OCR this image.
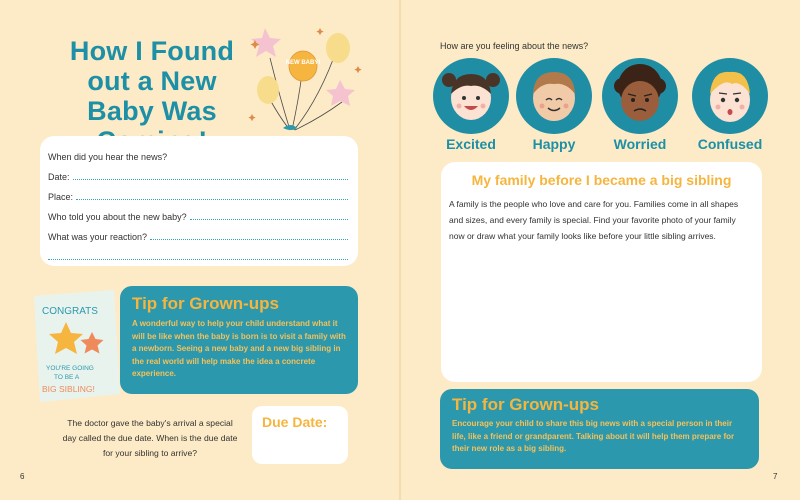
How I Found out a New Baby Was
NEW BABY!
When did you hear the news?
Date:
Place:
Who told you about the new baby?
What was your reaction?
CONGRATS
YOU'RE GOING
TO BE A
BIG SIBLING!
Tip for Grown-ups
A wonderful way to help your child understand what it will be like when the baby is born is to visit a family with a newborn. Seeing a new baby and a new big sibling in the real world will help make the idea a concrete experience.
The doctor gave the baby's arrival a special day called the due date. When is the due date for your sibling to arrive?
Due Date:
6
How are you feeling about the news?
Excited	Happy	Worried	Confused
My family before I became a big sibling
A family is the people who love and care for you. Families come in all shapes and sizes, and every family is special. Find your favorite photo of your family now or draw what your family looks like before your little sibling arrives.
Tip for Grown-ups
Encourage your child to share this big news with a special person in their life, like a friend or grandparent. Talking about it will help them prepare for their new role as a big sibling.
7
